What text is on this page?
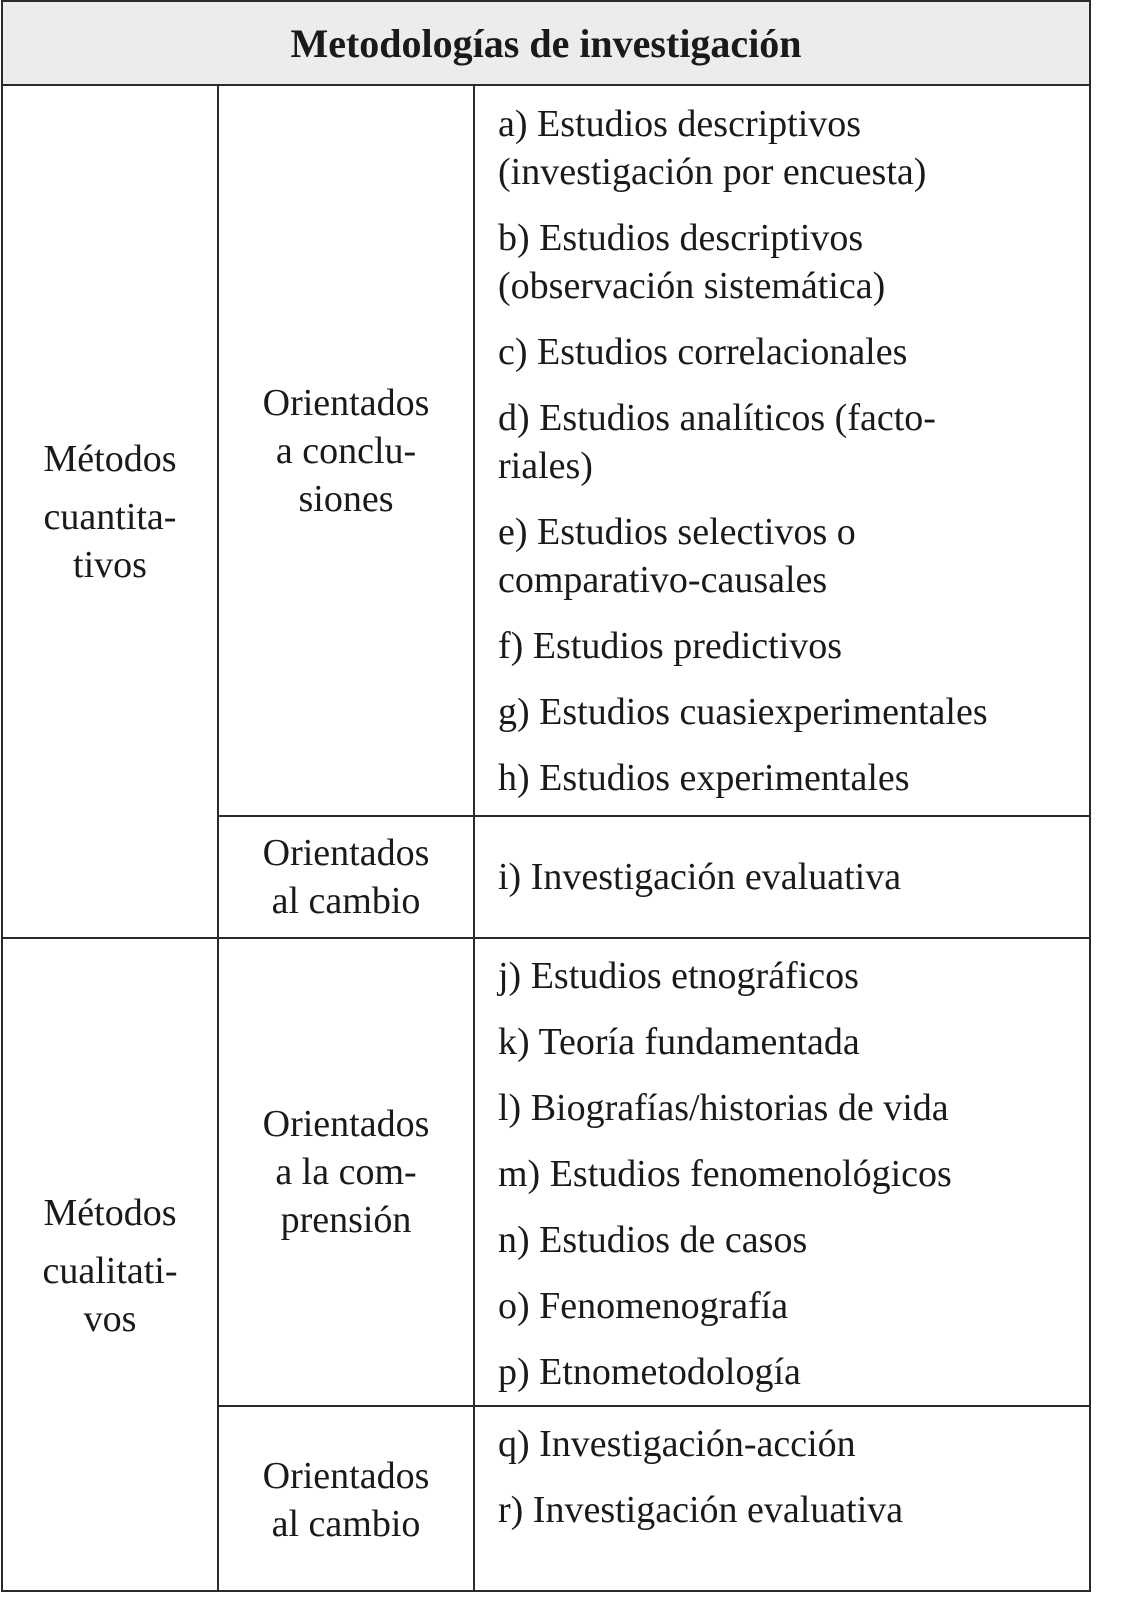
Metodologías de investigación
Métodos
cuantita-
tivos
Orientados
a conclu-
siones
a) Estudios descriptivos
(investigación por encuesta)
b) Estudios descriptivos
(observación sistemática)
c) Estudios correlacionales
d) Estudios analíticos (facto-
riales)
e) Estudios selectivos o
comparativo-causales
f) Estudios predictivos
g) Estudios cuasiexperimentales
h) Estudios experimentales
Orientados
al cambio
i) Investigación evaluativa
Métodos
cualitati-
vos
Orientados
a la com-
prensión
j) Estudios etnográficos
k) Teoría fundamentada
l) Biografías/historias de vida
m) Estudios fenomenológicos
n) Estudios de casos
o) Fenomenografía
p) Etnometodología
Orientados
al cambio
q) Investigación-acción
r) Investigación evaluativa
